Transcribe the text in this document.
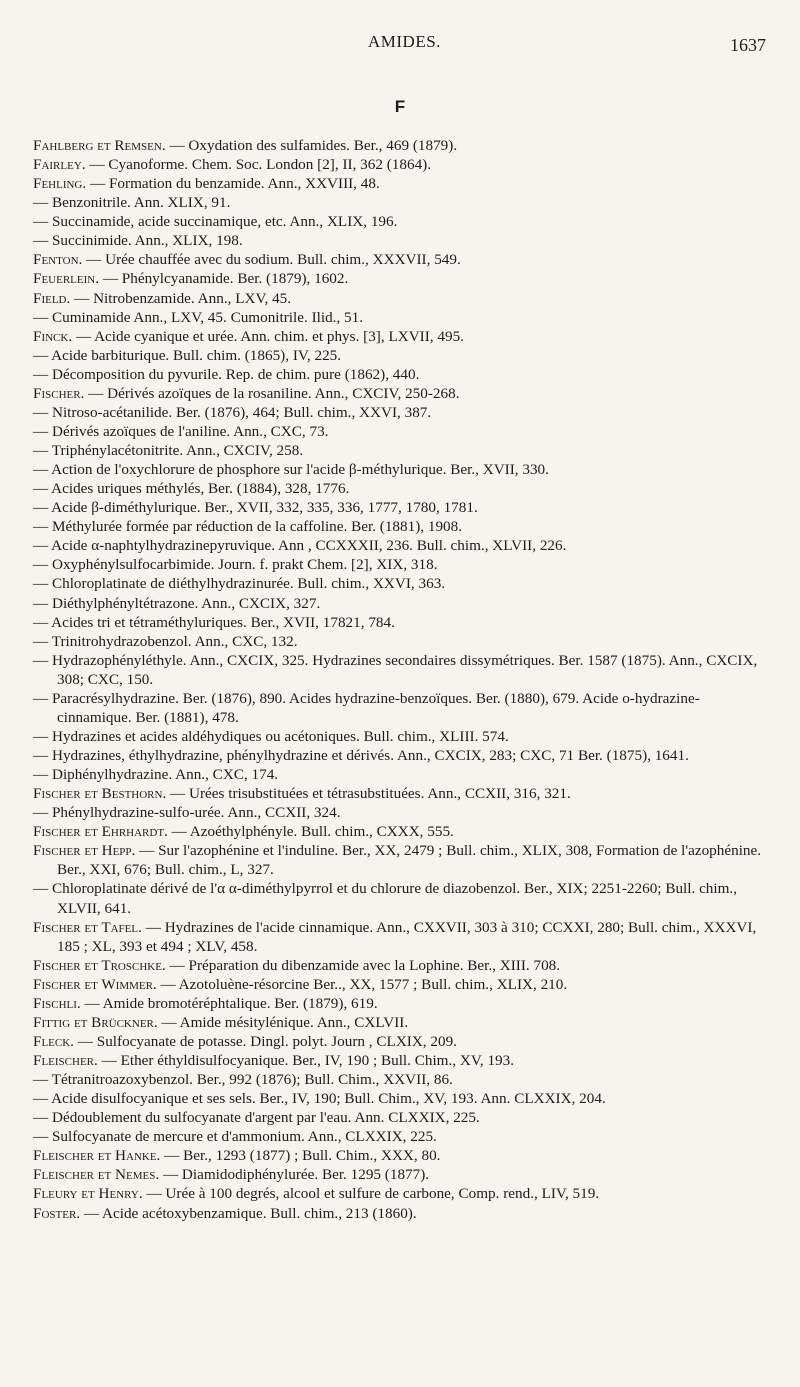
AMIDES.	1637
F

Fahlberg et Remsen. — Oxydation des sulfamides. Ber., 469 (1879).

Fairley. — Cyanoforme. Chem. Soc. London [2], II, 362 (1864).

Fehling. — Formation du benzamide. Ann., XXVIII, 48.

— Benzonitrile. Ann. XLIX, 91.

— Succinamide, acide succinamique, etc. Ann., XLIX, 196.

— Succinimide. Ann., XLIX, 198.

Fenton. — Urée chauffée avec du sodium. Bull. chim., XXXVII, 549.

Feuerlein. — Phénylcyanamide. Ber. (1879), 1602.

Field. — Nitrobenzamide. Ann., LXV, 45.

— Cuminamide Ann., LXV, 45. Cumonitrile. Ilid., 51.

Finck. — Acide cyanique et urée. Ann. chim. et phys. [3], LXVII, 495.

— Acide barbiturique. Bull. chim. (1865), IV, 225.

— Décomposition du pyvurile. Rep. de chim. pure (1862), 440.

Fischer. — Dérivés azoïques de la rosaniline. Ann., CXCIV, 250-268.

— Nitroso-acétanilide. Ber. (1876), 464; Bull. chim., XXVI, 387.

— Dérivés azoïques de l'aniline. Ann., CXC, 73.

— Triphénylacétonitrite. Ann., CXCIV, 258.

— Action de l'oxychlorure de phosphore sur l'acide β-méthylurique. Ber., XVII, 330.

— Acides uriques méthylés, Ber. (1884), 328, 1776.

— Acide β-diméthylurique. Ber., XVII, 332, 335, 336, 1777, 1780, 1781.

— Méthylurée formée par réduction de la caffoline. Ber. (1881), 1908.

— Acide α-naphtylhydrazinepyruvique. Ann , CCXXXII, 236. Bull. chim., XLVII, 226.

— Oxyphénylsulfocarbimide. Journ. f. prakt Chem. [2], XIX, 318.

— Chloroplatinate de diéthylhydrazinurée. Bull. chim., XXVI, 363.

— Diéthylphényltétrazone. Ann., CXCIX, 327.

— Acides tri et tétraméthyluriques. Ber., XVII, 17821, 784.

— Trinitrohydrazobenzol. Ann., CXC, 132.

— Hydrazophényléthyle. Ann., CXCIX, 325. Hydrazines secondaires dissymétriques. Ber. 1587 (1875). Ann., CXCIX, 308; CXC, 150.

— Paracrésylhydrazine. Ber. (1876), 890. Acides hydrazine-benzoïques. Ber. (1880), 679. Acide o-hydrazine-cinnamique. Ber. (1881), 478.

— Hydrazines et acides aldéhydiques ou acétoniques. Bull. chim., XLIII. 574.

— Hydrazines, éthylhydrazine, phénylhydrazine et dérivés. Ann., CXCIX, 283; CXC, 71 Ber. (1875), 1641.

— Diphénylhydrazine. Ann., CXC, 174.

Fischer et Besthorn. — Urées trisubstituées et tétrasubstituées. Ann., CCXII, 316, 321.

— Phénylhydrazine-sulfo-urée. Ann., CCXII, 324.

Fischer et Ehrhardt. — Azoéthylphényle. Bull. chim., CXXX, 555.

Fischer et Hepp. — Sur l'azophénine et l'induline. Ber., XX, 2479 ; Bull. chim., XLIX, 308, Formation de l'azophénine. Ber., XXI, 676; Bull. chim., L, 327.

— Chloroplatinate dérivé de l'α α-diméthylpyrrol et du chlorure de diazobenzol. Ber., XIX; 2251-2260; Bull. chim., XLVII, 641.

Fischer et Tafel. — Hydrazines de l'acide cinnamique. Ann., CXXVII, 303 à 310; CCXXI, 280; Bull. chim., XXXVI, 185 ; XL, 393 et 494 ; XLV, 458.

Fischer et Troschke. — Préparation du dibenzamide avec la Lophine. Ber., XIII. 708.

Fischer et Wimmer. — Azotoluène-résorcine Ber.., XX, 1577 ; Bull. chim., XLIX, 210.

Fischli. — Amide bromotéréphtalique. Ber. (1879), 619.

Fittig et Brückner. — Amide mésitylénique. Ann., CXLVII.

Fleck. — Sulfocyanate de potasse. Dingl. polyt. Journ , CLXIX, 209.

Fleischer. — Ether éthyldisulfocyanique. Ber., IV, 190 ; Bull. Chim., XV, 193.

— Tétranitroazoxybenzol. Ber., 992 (1876); Bull. Chim., XXVII, 86.

— Acide disulfocyanique et ses sels. Ber., IV, 190; Bull. Chim., XV, 193. Ann. CLXXIX, 204.

— Dédoublement du sulfocyanate d'argent par l'eau. Ann. CLXXIX, 225.

— Sulfocyanate de mercure et d'ammonium. Ann., CLXXIX, 225.

Fleischer et Hanke. — Ber., 1293 (1877) ; Bull. Chim., XXX, 80.

Fleischer et Nemes. — Diamidodiphénylurée. Ber. 1295 (1877).

Fleury et Henry. — Urée à 100 degrés, alcool et sulfure de carbone, Comp. rend., LIV, 519.

Foster. — Acide acétoxybenzamique. Bull. chim., 213 (1860).
